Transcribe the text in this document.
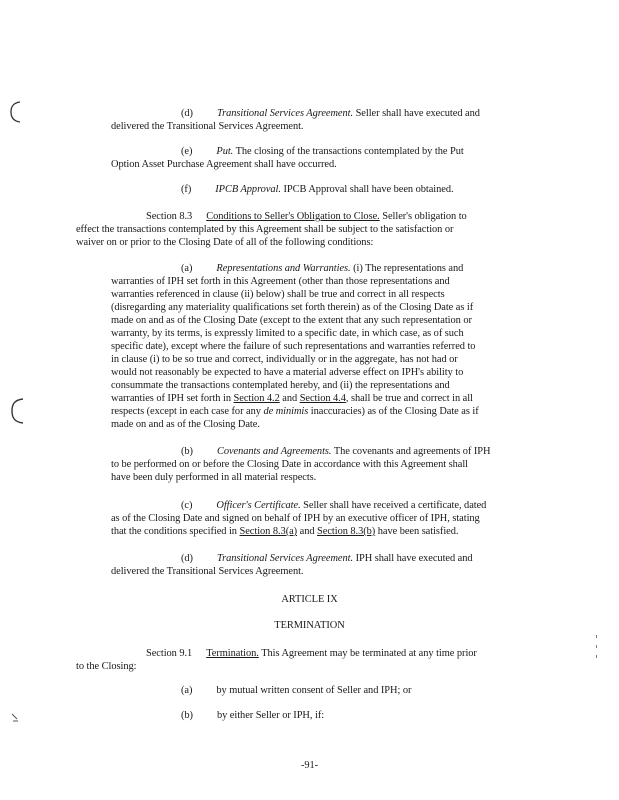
(d) Transitional Services Agreement. Seller shall have executed and
delivered the Transitional Services Agreement.
(e) Put. The closing of the transactions contemplated by the Put
Option Asset Purchase Agreement shall have occurred.
(f) IPCB Approval. IPCB Approval shall have been obtained.
Section 8.3 Conditions to Seller's Obligation to Close. Seller's obligation to
effect the transactions contemplated by this Agreement shall be subject to the satisfaction or
waiver on or prior to the Closing Date of all of the following conditions:
(a) Representations and Warranties. (i) The representations and
warranties of IPH set forth in this Agreement (other than those representations and
warranties referenced in clause (ii) below) shall be true and correct in all respects
(disregarding any materiality qualifications set forth therein) as of the Closing Date as if
made on and as of the Closing Date (except to the extent that any such representation or
warranty, by its terms, is expressly limited to a specific date, in which case, as of such
specific date), except where the failure of such representations and warranties referred to
in clause (i) to be so true and correct, individually or in the aggregate, has not had or
would not reasonably be expected to have a material adverse effect on IPH's ability to
consummate the transactions contemplated hereby, and (ii) the representations and
warranties of IPH set forth in Section 4.2 and Section 4.4, shall be true and correct in all
respects (except in each case for any de minimis inaccuracies) as of the Closing Date as if
made on and as of the Closing Date.
(b) Covenants and Agreements. The covenants and agreements of IPH
to be performed on or before the Closing Date in accordance with this Agreement shall
have been duly performed in all material respects.
(c) Officer's Certificate. Seller shall have received a certificate, dated
as of the Closing Date and signed on behalf of IPH by an executive officer of IPH, stating
that the conditions specified in Section 8.3(a) and Section 8.3(b) have been satisfied.
(d) Transitional Services Agreement. IPH shall have executed and
delivered the Transitional Services Agreement.
ARTICLE IX
TERMINATION
Section 9.1 Termination. This Agreement may be terminated at any time prior
to the Closing:
(a) by mutual written consent of Seller and IPH; or
(b) by either Seller or IPH, if:
-91-
